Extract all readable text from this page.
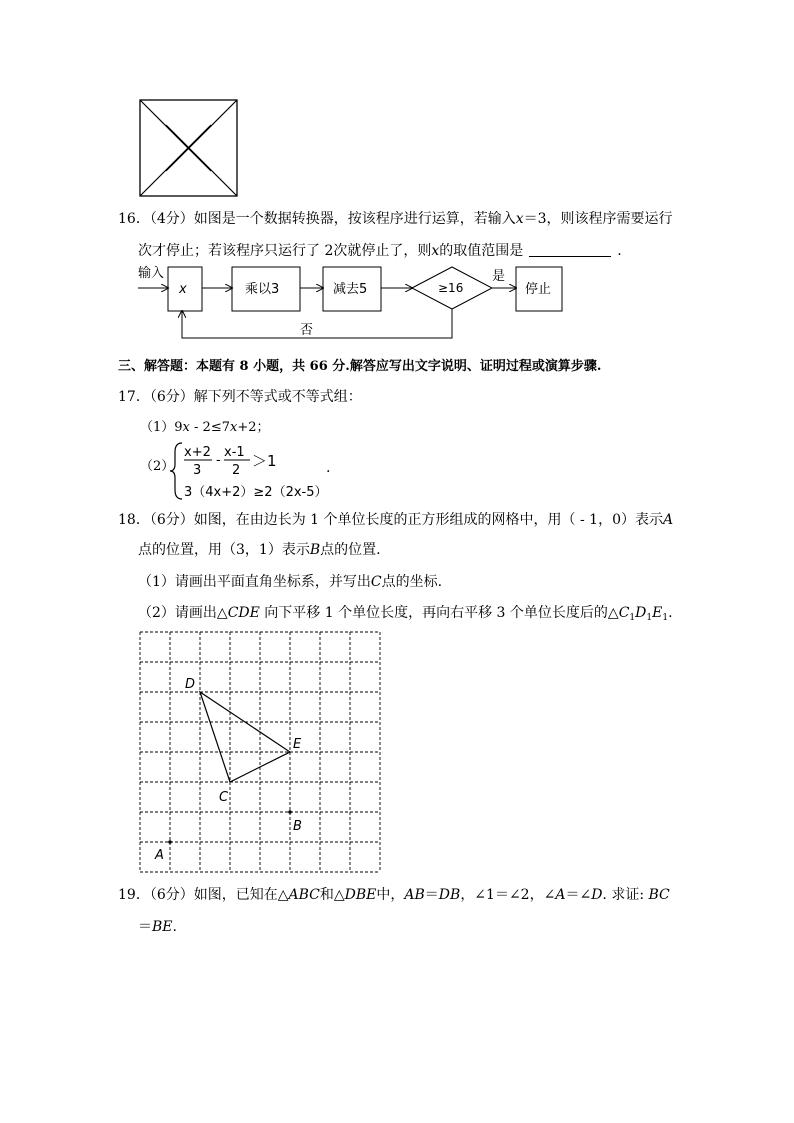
16．（4分）如图是一个数据转换器，按该程序进行运算，若输入x＝3，则该程序需要运行
次才停止；若该程序只运行了 2次就停止了，则x的取值范围是	.
输入
x	乘以3	减去5	≥16
是
停止
否
三、解答题：本题有 8 小题，共 66 分.解答应写出文字说明、证明过程或演算步骤.
17．（6分）解下列不等式或不等式组：
（1）9x - 2≤7x+2；
（2）
x+2
3
-
x-1
2
＞1
3（4x+2）≥2（2x-5）
.
18．（6分）如图，在由边长为 1 个单位长度的正方形组成的网格中，用（ - 1，0）表示A
点的位置，用（3，1）表示B点的位置.
（1）请画出平面直角坐标系，并写出C点的坐标.
（2）请画出△CDE 向下平移 1 个单位长度，再向右平移 3 个单位长度后的$\triangle C_1D_1E_1$.
D
E
C
B
A
19．（6分）如图，已知在△ABC和△DBE中，AB＝DB，∠1＝∠2，∠A＝∠D. 求证: BC
＝BE.
